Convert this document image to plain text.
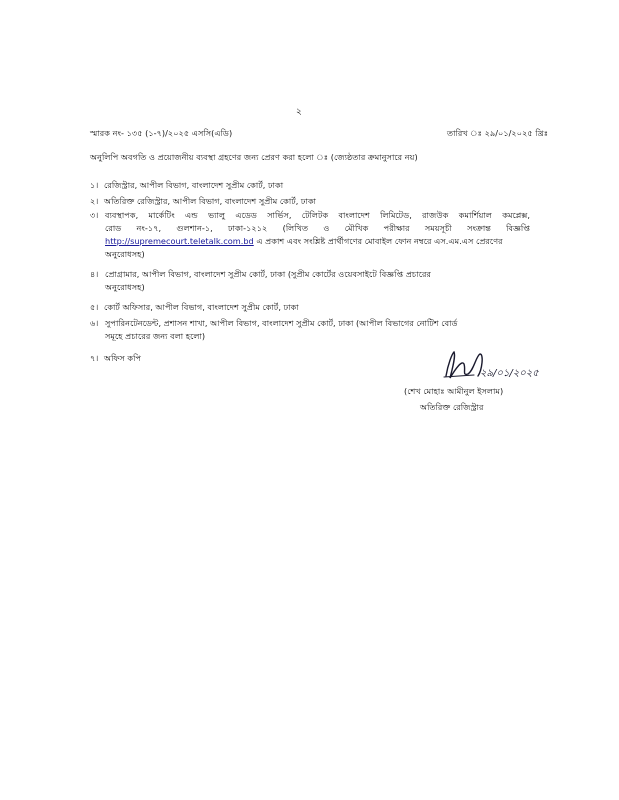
২
স্মারক নং- ১৩৫ (১-৭)/২০২৫ এসসি(এডি)	তারিখ ঃ ২৯/০১/২০২৫ খ্রিঃ
অনুলিপি অবগতি ও প্রয়োজনীয় ব্যবস্থা গ্রহণের জন্য প্রেরণ করা হলো ঃ (জ্যেষ্ঠতার ক্রমানুসারে নয়)
১। রেজিস্ট্রার, আপীল বিভাগ, বাংলাদেশ সুপ্রীম কোর্ট, ঢাকা
২। অতিরিক্ত রেজিস্ট্রার, আপীল বিভাগ, বাংলাদেশ সুপ্রীম কোর্ট, ঢাকা
৩। ব্যবস্থাপক, মার্কেটিং এন্ড ভ্যালু এডেড সার্ভিস, টেলিটক বাংলাদেশ লিমিটেড, রাজউক কমার্শিয়াল কমপ্লেক্স,
রোড নং-১৭, গুলশান-১, ঢাকা-১২১২ (লিখিত ও মৌখিক পরীক্ষার সময়সূচী সংক্রান্ত বিজ্ঞপ্তি
http://supremecourt.teletalk.com.bd এ প্রকাশ এবং সংশ্লিষ্ট প্রার্থীগণের মোবাইল ফোন নম্বরে এস.এম.এস প্রেরণের
অনুরোধসহ)
৪। প্রোগ্রামার, আপীল বিভাগ, বাংলাদেশ সুপ্রীম কোর্ট, ঢাকা (সুপ্রীম কোর্টের ওয়েবসাইটে বিজ্ঞপ্তি প্রচারের
অনুরোধসহ)
৫। কোর্ট অফিসার, আপীল বিভাগ, বাংলাদেশ সুপ্রীম কোর্ট, ঢাকা
৬। সুপারিনটেনডেন্ট, প্রশাসন শাখা, আপীল বিভাগ, বাংলাদেশ সুপ্রীম কোর্ট, ঢাকা (আপীল বিভাগের নোটিশ বোর্ড
সমূহে প্রচারের জন্য বলা হলো)
৭। অফিস কপি
২৯/০১/২০২৫
(শেখ মোহাঃ আমীনুল ইসলাম)
অতিরিক্ত রেজিস্ট্রার
